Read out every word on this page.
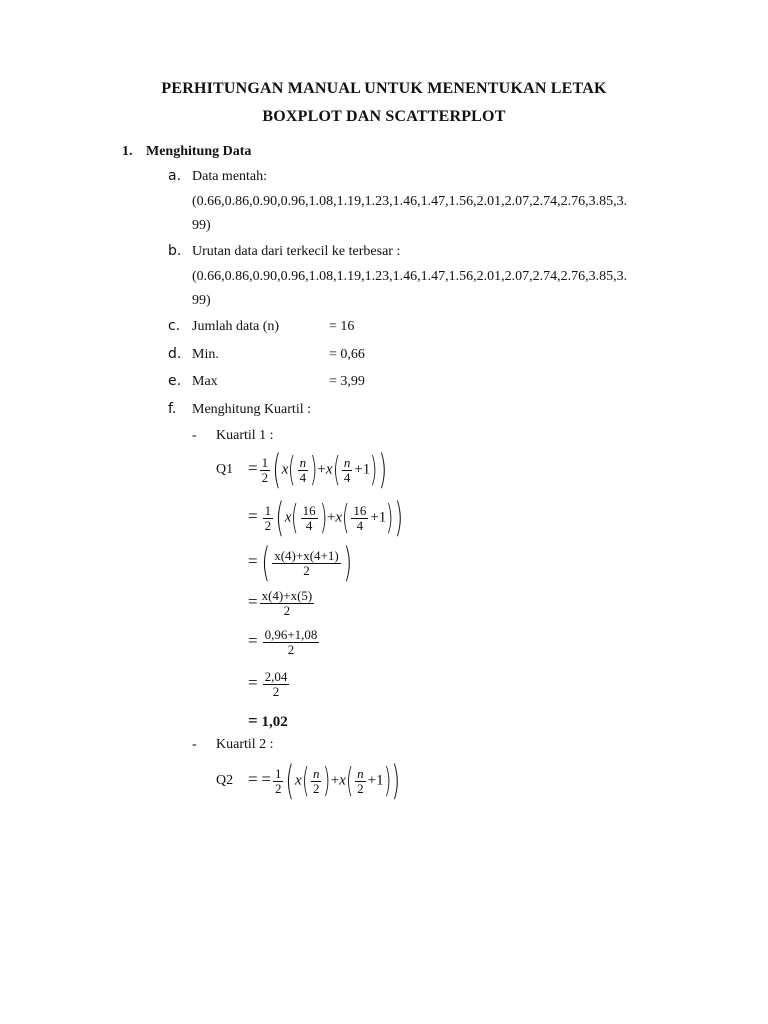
PERHITUNGAN MANUAL UNTUK MENENTUKAN LETAK
BOXPLOT DAN SCATTERPLOT
1. Menghitung Data
a. Data mentah:
(0.66,0.86,0.90,0.96,1.08,1.19,1.23,1.46,1.47,1.56,2.01,2.07,2.74,2.76,3.85,3.
99)
b. Urutan data dari terkecil ke terbesar :
(0.66,0.86,0.90,0.96,1.08,1.19,1.23,1.46,1.47,1.56,2.01,2.07,2.74,2.76,3.85,3.
99)
c. Jumlah data (n)	= 16
d. Min.	= 0,66
e. Max	= 3,99
f. Menghitung Kuartil :
- Kuartil 1 :
$Q1 = \frac{1}{2} (x( \frac{n}{4} )+x( \frac{n}{4} +1))$
= $\frac{1}{2} (x( \frac{16}{4} )+x( \frac{16}{4} +1))$
=( $\frac{x(4)+x(4+1)}{2}$ )
= $\frac{x(4)+x(5)}{2}$
= $\frac{0,96+1,08}{2}$
= $\frac{2,04}{2}$
= 1,02
- Kuartil 2 :
Q2 = = $\frac{1}{2} (x( \frac{n}{2} )+x( \frac{n}{2} +1))$
